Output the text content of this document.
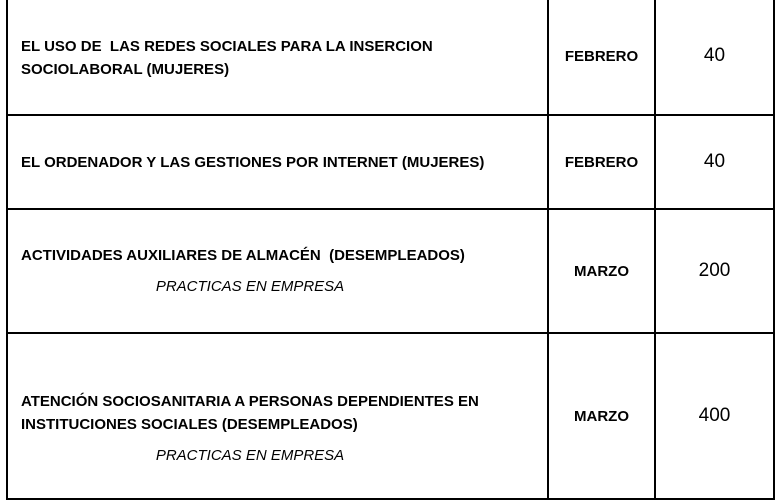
EL USO DE  LAS REDES SOCIALES PARA LA INSERCION SOCIOLABORAL (MUJERES)	FEBRERO	40

EL ORDENADOR Y LAS GESTIONES POR INTERNET (MUJERES)	FEBRERO	40

ACTIVIDADES AUXILIARES DE ALMACÉN  (DESEMPLEADOS)
PRACTICAS EN EMPRESA	MARZO	200

ATENCIÓN SOCIOSANITARIA A PERSONAS DEPENDIENTES EN INSTITUCIONES SOCIALES (DESEMPLEADOS)
PRACTICAS EN EMPRESA	MARZO	400
